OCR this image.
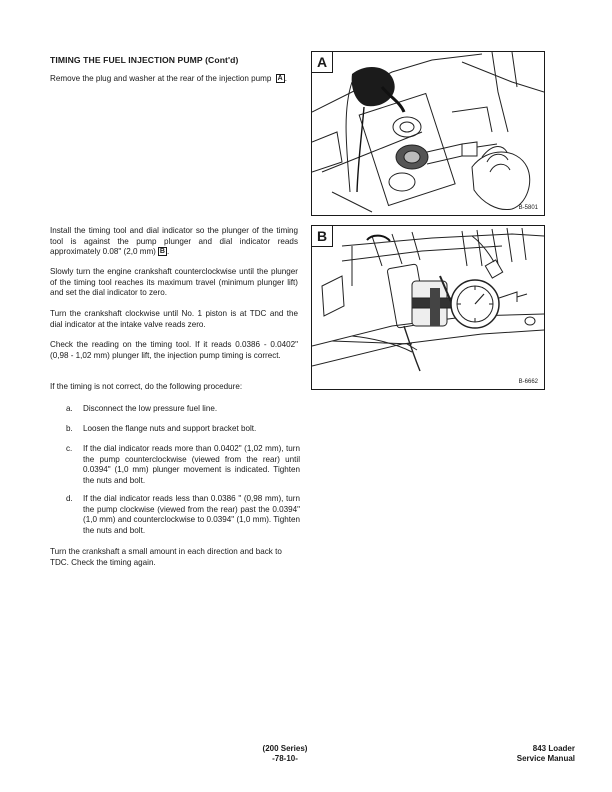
TIMING THE FUEL INJECTION PUMP (Cont'd)

Remove the plug and washer at the rear of the injection pump A .

Install the timing tool and dial indicator so the plunger of the timing tool is against the pump plunger and dial indicator reads approximately 0.08" (2,0 mm) B .

Slowly turn the engine crankshaft counterclockwise until the plunger of the timing tool reaches its maximum travel (minimum plunger lift) and set the dial indicator to zero.

Turn the crankshaft clockwise until No. 1 piston is at TDC and the dial indicator at the intake valve reads zero.

Check the reading on the timing tool. If it reads 0.0386 - 0.0402" (0,98 - 1,02 mm) plunger lift, the injection pump timing is correct.

If the timing is not correct, do the following procedure:

a. Disconnect the low pressure fuel line.
b. Loosen the flange nuts and support bracket bolt.
c. If the dial indicator reads more than 0.0402" (1,02 mm), turn the pump counterclockwise (viewed from the rear) until 0.0394" (1,0 mm) plunger movement is indicated. Tighten the nuts and bolt.
d. If the dial indicator reads less than 0.0386 " (0,98 mm), turn the pump clockwise (viewed from the rear) past the 0.0394" (1,0 mm) and counterclockwise to 0.0394" (1,0 mm). Tighten the nuts and bolt.

Turn the crankshaft a small amount in each direction and back to TDC. Check the timing again.

A
B-5801
B
B-6662
(200 Series)
-78-10-
843 Loader
Service Manual
